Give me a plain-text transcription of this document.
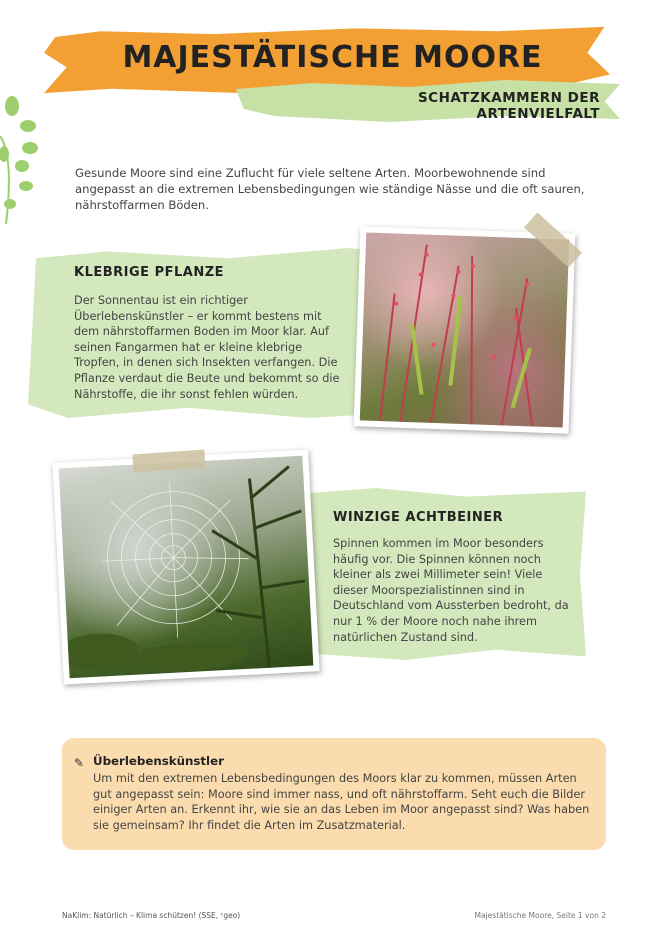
MAJESTÄTISCHE MOORE
SCHATZKAMMERN DER ARTENVIELFALT
Gesunde Moore sind eine Zuflucht für viele seltene Arten. Moorbewohnende sind angepasst an die extremen Lebensbedingungen wie ständige Nässe und die oft sauren, nährstoffarmen Böden.
KLEBRIGE PFLANZE
Der Sonnentau ist ein richtiger Überlebenskünstler – er kommt bestens mit dem nährstoffarmen Boden im Moor klar. Auf seinen Fangarmen hat er kleine klebrige Tropfen, in denen sich Insekten verfangen. Die Pflanze verdaut die Beute und bekommt so die Nährstoffe, die ihr sonst fehlen würden.
WINZIGE ACHTBEINER
Spinnen kommen im Moor besonders häufig vor. Die Spinnen können noch kleiner als zwei Millimeter sein! Viele dieser Moorspezialistinnen sind in Deutschland vom Aussterben bedroht, da nur 1 % der Moore noch nahe ihrem natürlichen Zustand sind.
✎ Überlebenskünstler
Um mit den extremen Lebensbedingungen des Moors klar zu kommen, müssen Arten gut angepasst sein: Moore sind immer nass, und oft nährstoffarm. Seht euch die Bilder einiger Arten an. Erkennt ihr, wie sie an das Leben im Moor angepasst sind? Was haben sie gemeinsam? Ihr findet die Arten im Zusatzmaterial.
NaKlim: Natürlich – Klima schützen! (SSE, ᶜgeo)	Majestätische Moore, Seite 1 von 2
